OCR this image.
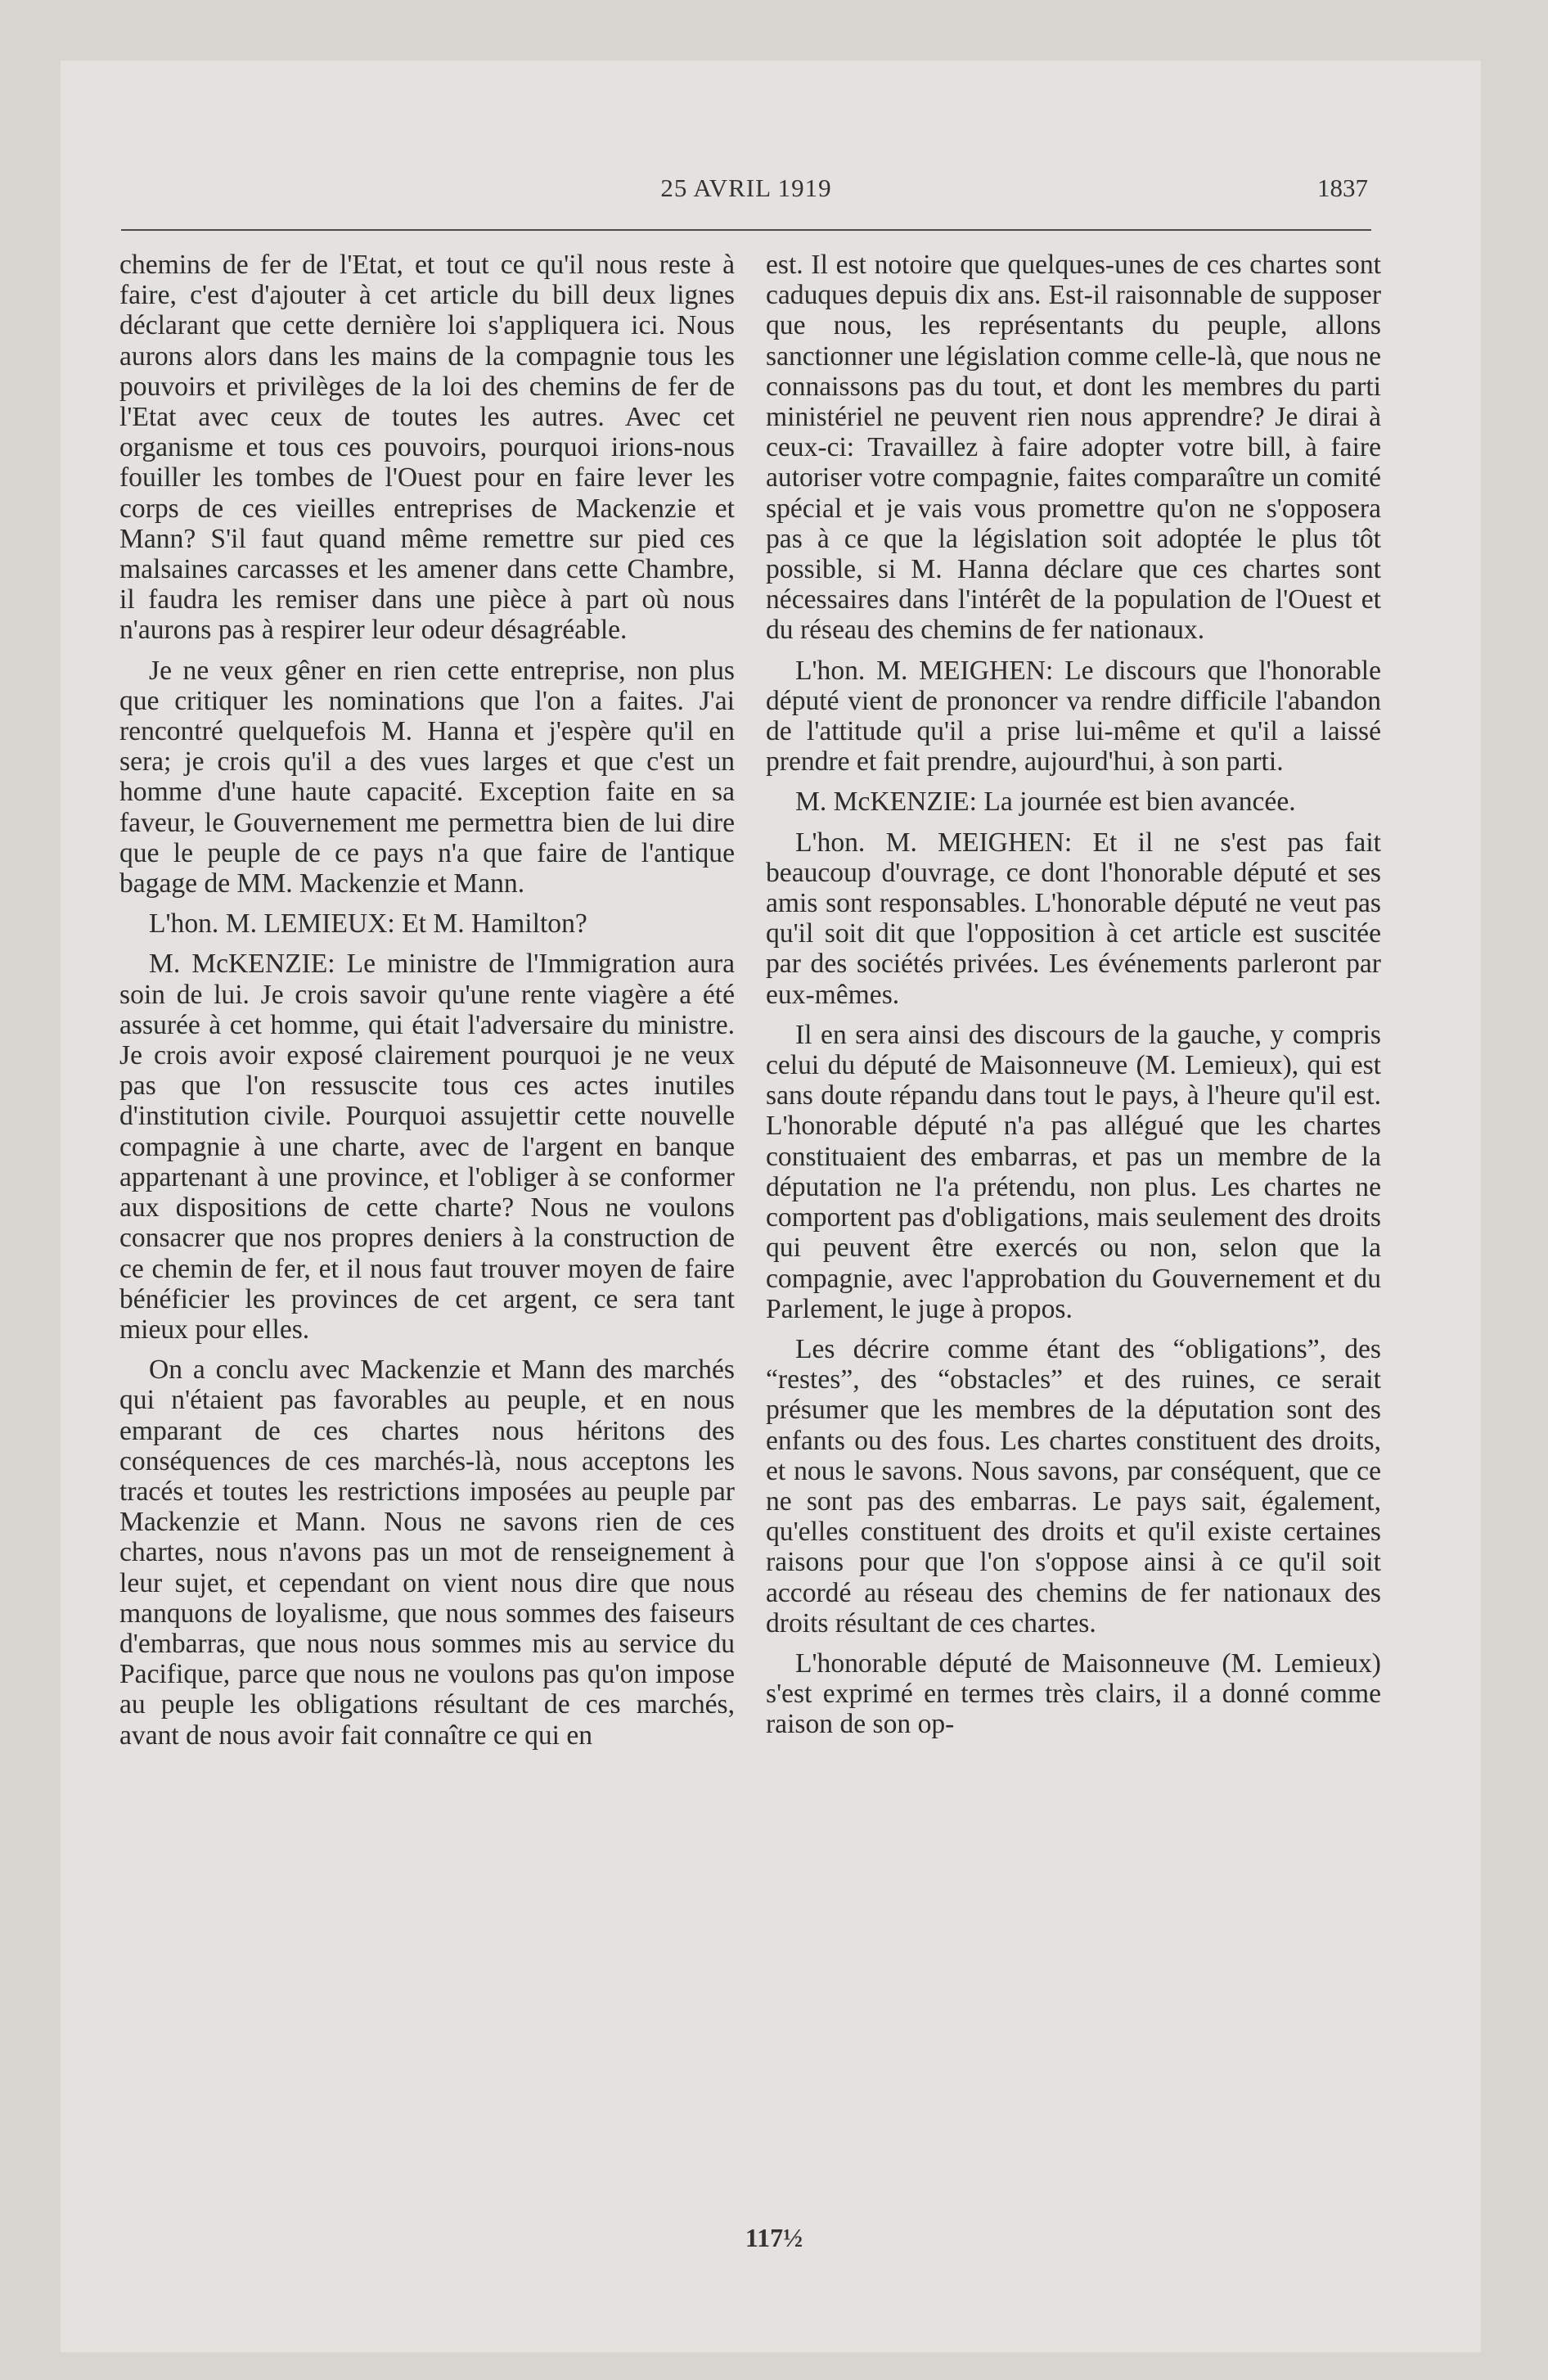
25 AVRIL 1919	1837

chemins de fer de l'Etat, et tout ce qu'il nous reste à faire, c'est d'ajouter à cet article du bill deux lignes déclarant que cette dernière loi s'appliquera ici. Nous aurons alors dans les mains de la compagnie tous les pouvoirs et privilèges de la loi des chemins de fer de l'Etat avec ceux de toutes les autres. Avec cet organisme et tous ces pouvoirs, pourquoi irions-nous fouiller les tombes de l'Ouest pour en faire lever les corps de ces vieilles entreprises de Mackenzie et Mann? S'il faut quand même remettre sur pied ces malsaines carcasses et les amener dans cette Chambre, il faudra les remiser dans une pièce à part où nous n'aurons pas à respirer leur odeur désagréable.

Je ne veux gêner en rien cette entreprise, non plus que critiquer les nominations que l'on a faites. J'ai rencontré quelquefois M. Hanna et j'espère qu'il en sera; je crois qu'il a des vues larges et que c'est un homme d'une haute capacité. Exception faite en sa faveur, le Gouvernement me permettra bien de lui dire que le peuple de ce pays n'a que faire de l'antique bagage de MM. Mackenzie et Mann.

L'hon. M. LEMIEUX: Et M. Hamilton?

M. McKENZIE: Le ministre de l'Immigration aura soin de lui. Je crois savoir qu'une rente viagère a été assurée à cet homme, qui était l'adversaire du ministre. Je crois avoir exposé clairement pourquoi je ne veux pas que l'on ressuscite tous ces actes inutiles d'institution civile. Pourquoi assujettir cette nouvelle compagnie à une charte, avec de l'argent en banque appartenant à une province, et l'obliger à se conformer aux dispositions de cette charte? Nous ne voulons consacrer que nos propres deniers à la construction de ce chemin de fer, et il nous faut trouver moyen de faire bénéficier les provinces de cet argent, ce sera tant mieux pour elles.

On a conclu avec Mackenzie et Mann des marchés qui n'étaient pas favorables au peuple, et en nous emparant de ces chartes nous héritons des conséquences de ces marchés-là, nous acceptons les tracés et toutes les restrictions imposées au peuple par Mackenzie et Mann. Nous ne savons rien de ces chartes, nous n'avons pas un mot de renseignement à leur sujet, et cependant on vient nous dire que nous manquons de loyalisme, que nous sommes des faiseurs d'embarras, que nous nous sommes mis au service du Pacifique, parce que nous ne voulons pas qu'on impose au peuple les obligations résultant de ces marchés, avant de nous avoir fait connaître ce qui en

est. Il est notoire que quelques-unes de ces chartes sont caduques depuis dix ans. Est-il raisonnable de supposer que nous, les représentants du peuple, allons sanctionner une législation comme celle-là, que nous ne connaissons pas du tout, et dont les membres du parti ministériel ne peuvent rien nous apprendre? Je dirai à ceux-ci: Travaillez à faire adopter votre bill, à faire autoriser votre compagnie, faites comparaître un comité spécial et je vais vous promettre qu'on ne s'opposera pas à ce que la législation soit adoptée le plus tôt possible, si M. Hanna déclare que ces chartes sont nécessaires dans l'intérêt de la population de l'Ouest et du réseau des chemins de fer nationaux.

L'hon. M. MEIGHEN: Le discours que l'honorable député vient de prononcer va rendre difficile l'abandon de l'attitude qu'il a prise lui-même et qu'il a laissé prendre et fait prendre, aujourd'hui, à son parti.

M. McKENZIE: La journée est bien avancée.

L'hon. M. MEIGHEN: Et il ne s'est pas fait beaucoup d'ouvrage, ce dont l'honorable député et ses amis sont responsables. L'honorable député ne veut pas qu'il soit dit que l'opposition à cet article est suscitée par des sociétés privées. Les événements parleront par eux-mêmes.

Il en sera ainsi des discours de la gauche, y compris celui du député de Maisonneuve (M. Lemieux), qui est sans doute répandu dans tout le pays, à l'heure qu'il est. L'honorable député n'a pas allégué que les chartes constituaient des embarras, et pas un membre de la députation ne l'a prétendu, non plus. Les chartes ne comportent pas d'obligations, mais seulement des droits qui peuvent être exercés ou non, selon que la compagnie, avec l'approbation du Gouvernement et du Parlement, le juge à propos.

Les décrire comme étant des “obligations”, des “restes”, des “obstacles” et des ruines, ce serait présumer que les membres de la députation sont des enfants ou des fous. Les chartes constituent des droits, et nous le savons. Nous savons, par conséquent, que ce ne sont pas des embarras. Le pays sait, également, qu'elles constituent des droits et qu'il existe certaines raisons pour que l'on s'oppose ainsi à ce qu'il soit accordé au réseau des chemins de fer nationaux des droits résultant de ces chartes.

L'honorable député de Maisonneuve (M. Lemieux) s'est exprimé en termes très clairs, il a donné comme raison de son op-

117½
